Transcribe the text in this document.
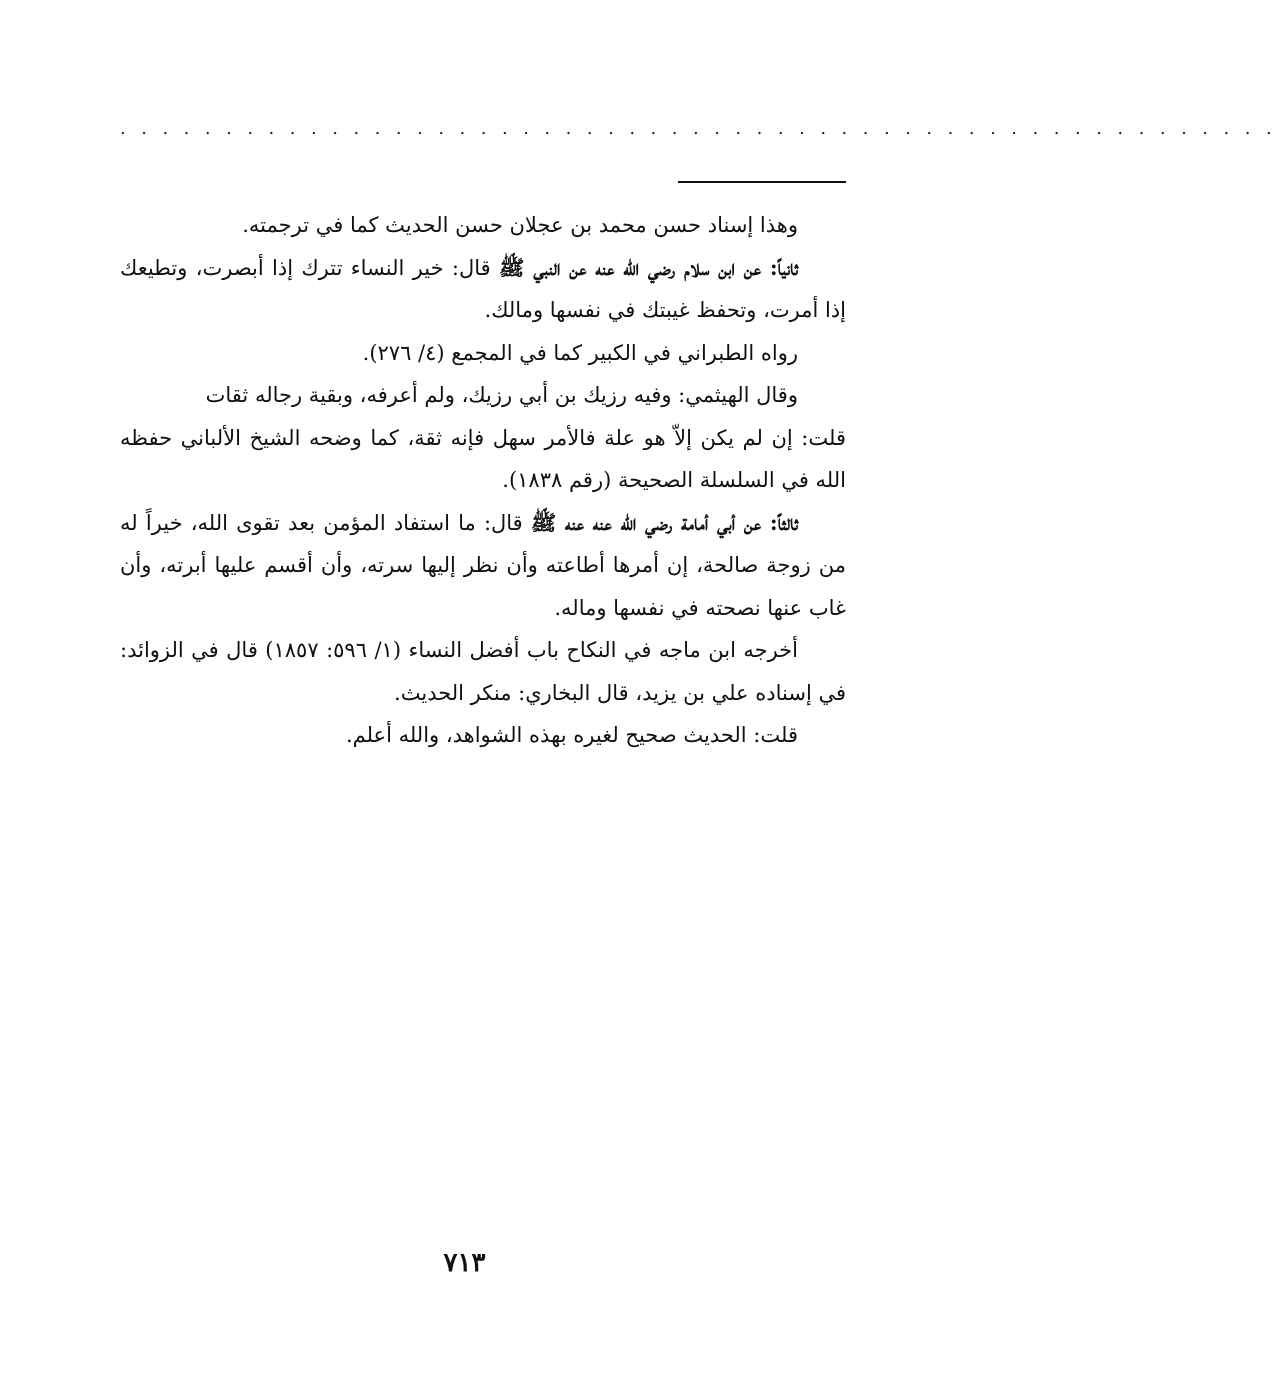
.......................................................

وهذا إسناد حسن محمد بن عجلان حسن الحديث كما في ترجمته.

ثانياً: عن ابن سلام رضي الله عنه عن النبي ﷺ قال: خير النساء تترك إذا أبصرت، وتطيعك إذا أمرت، وتحفظ غيبتك في نفسها ومالك.

رواه الطبراني في الكبير كما في المجمع (٤/ ٢٧٦).

وقال الهيثمي: وفيه رزيك بن أبي رزيك، ولم أعرفه، وبقية رجاله ثقات

قلت: إن لم يكن إلاّ هو علة فالأمر سهل فإنه ثقة، كما وضحه الشيخ الألباني حفظه الله في السلسلة الصحيحة (رقم ١٨٣٨).

ثالثاً: عن أبي أمامة رضي الله عنه عنه ﷺ قال: ما استفاد المؤمن بعد تقوى الله، خيراً له من زوجة صالحة، إن أمرها أطاعته وأن نظر إليها سرته، وأن أقسم عليها أبرته، وأن غاب عنها نصحته في نفسها وماله.

أخرجه ابن ماجه في النكاح باب أفضل النساء (١/ ٥٩٦: ١٨٥٧) قال في الزوائد: في إسناده علي بن يزيد، قال البخاري: منكر الحديث.

قلت: الحديث صحيح لغيره بهذه الشواهد، والله أعلم.

٧١٣
